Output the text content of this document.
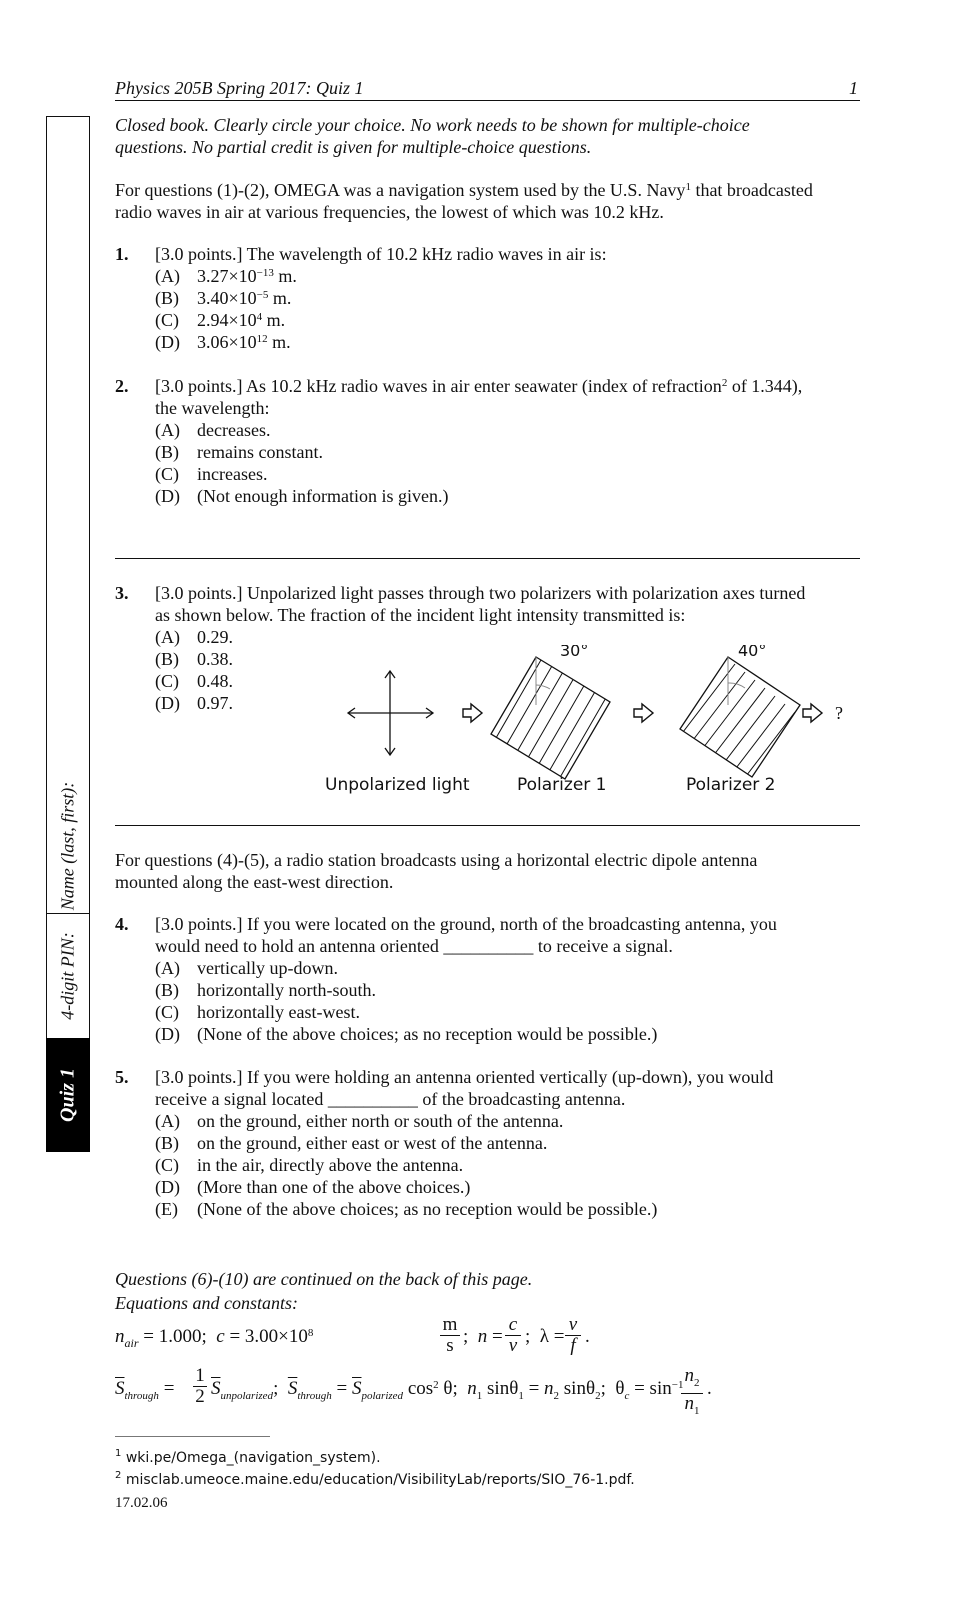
Physics 205B Spring 2017: Quiz 1	1
Name (last, first):
4-digit PIN:
Quiz 1
Closed book. Clearly circle your choice. No work needs to be shown for multiple-choice
questions. No partial credit is given for multiple-choice questions.
For questions (1)-(2), OMEGA was a navigation system used by the U.S. Navy$^1$ that broadcasted
radio waves in air at various frequencies, the lowest of which was 10.2 kHz.
1. [3.0 points.] The wavelength of 10.2 kHz radio waves in air is:
(A) $3.27\times 10^{-13}$ m.
(B) $3.40\times 10^{-5}$ m.
(C) $2.94\times 10^4$ m.
(D) $3.06\times 10^{12}$ m.
2. [3.0 points.] As 10.2 kHz radio waves in air enter seawater (index of refraction$^2$ of 1.344),
the wavelength:
(A) decreases.
(B) remains constant.
(C) increases.
(D) (Not enough information is given.)
3. [3.0 points.] Unpolarized light passes through two polarizers with polarization axes turned
as shown below. The fraction of the incident light intensity transmitted is:
(A) 0.29.
(B) 0.38.
(C) 0.48.
(D) 0.97.	?
30°	40°
Unpolarized light	Polarizer 1	Polarizer 2
For questions (4)-(5), a radio station broadcasts using a horizontal electric dipole antenna
mounted along the east-west direction.
4. [3.0 points.] If you were located on the ground, north of the broadcasting antenna, you
would need to hold an antenna oriented __________ to receive a signal.
(A) vertically up-down.
(B) horizontally north-south.
(C) horizontally east-west.
(D) (None of the above choices; as no reception would be possible.)
5. [3.0 points.] If you were holding an antenna oriented vertically (up-down), you would
receive a signal located __________ of the broadcasting antenna.
(A) on the ground, either north or south of the antenna.
(B) on the ground, either east or west of the antenna.
(C) in the air, directly above the antenna.
(D) (More than one of the above choices.)
(E) (None of the above choices; as no reception would be possible.)
Questions (6)-(10) are continued on the back of this page.
Equations and constants:
$n_{air} = 1.000$;  $c = 3.00\times 10^8$	m
s ;  n =
c
v ;  λ =
v
f .
$\overline{S}_{through}$ =
1
2 $\overline{S}_{unpolarized}$;  $\overline{S}_{through} = \overline{S}_{polarized}$ $\cos^2 \theta$;  $n_1$ $\sin\theta_1 = n_2$ sinθ$_2$;  $\theta_c = \sin^{-1} n_2$
$n_1$
.
$^1$ wki.pe/Omega_(navigation_system).
$^2$ misclab.umeoce.maine.edu/education/VisibilityLab/reports/SIO_76-1.pdf.
17.02.06
